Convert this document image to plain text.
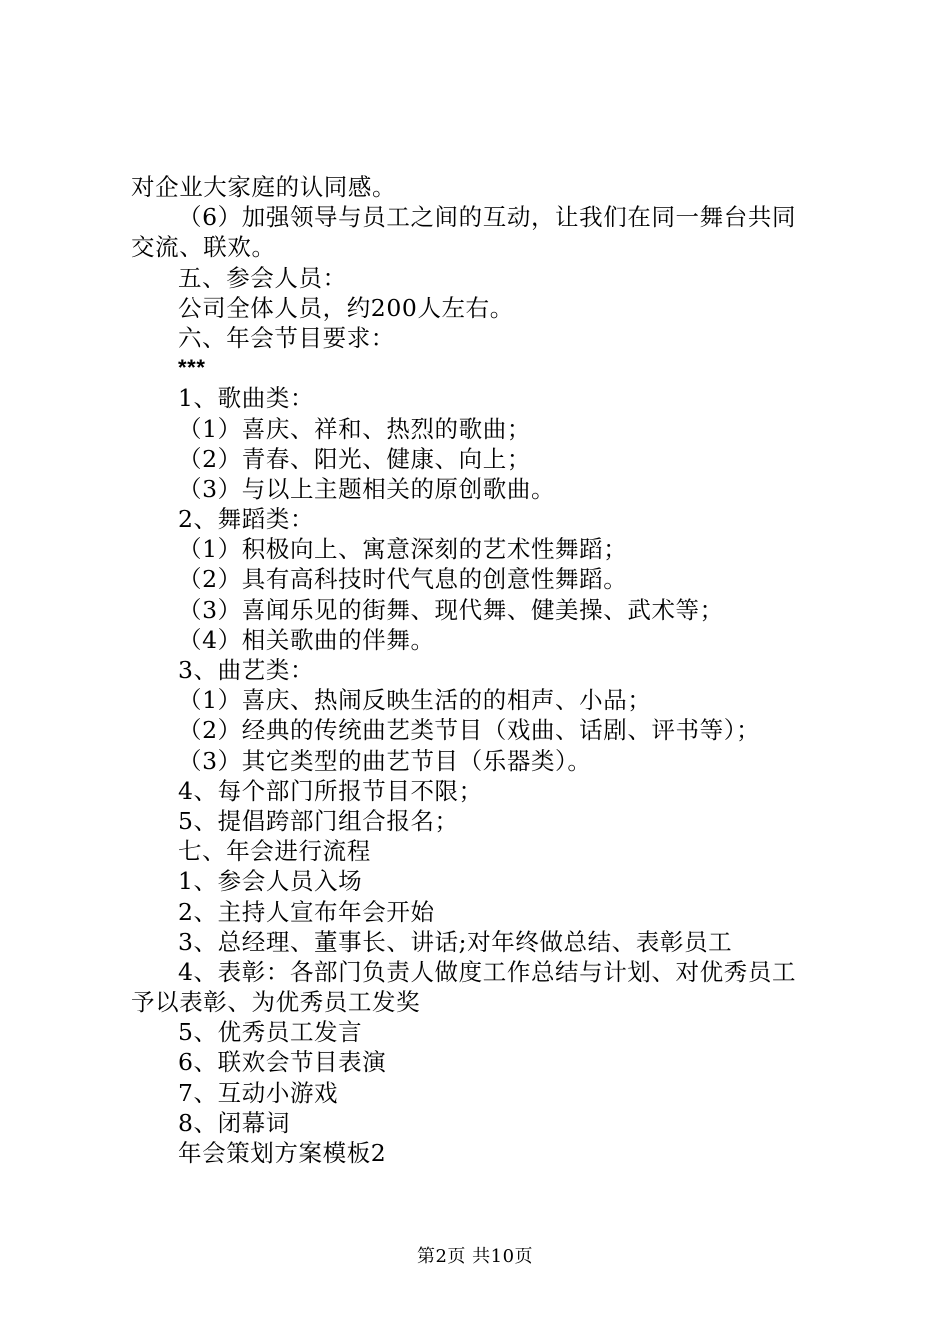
对企业大家庭的认同感。
（6）加强领导与员工之间的互动，让我们在同一舞台共同
交流、联欢。
五、参会人员：
公司全体人员，约200人左右。
六、年会节目要求：
***
1、歌曲类：
（1）喜庆、祥和、热烈的歌曲；
（2）青春、阳光、健康、向上；
（3）与以上主题相关的原创歌曲。
2、舞蹈类：
（1）积极向上、寓意深刻的艺术性舞蹈；
（2）具有高科技时代气息的创意性舞蹈。
（3）喜闻乐见的街舞、现代舞、健美操、武术等；
（4）相关歌曲的伴舞。
3、曲艺类：
（1）喜庆、热闹反映生活的的相声、小品；
（2）经典的传统曲艺类节目（戏曲、话剧、评书等）；
（3）其它类型的曲艺节目（乐器类）。
4、每个部门所报节目不限；
5、提倡跨部门组合报名；
七、年会进行流程
1、参会人员入场
2、主持人宣布年会开始
3、总经理、董事长、讲话;对年终做总结、表彰员工
4、表彰：各部门负责人做度工作总结与计划、对优秀员工
予以表彰、为优秀员工发奖
5、优秀员工发言
6、联欢会节目表演
7、互动小游戏
8、闭幕词
年会策划方案模板2
第2页 共10页
